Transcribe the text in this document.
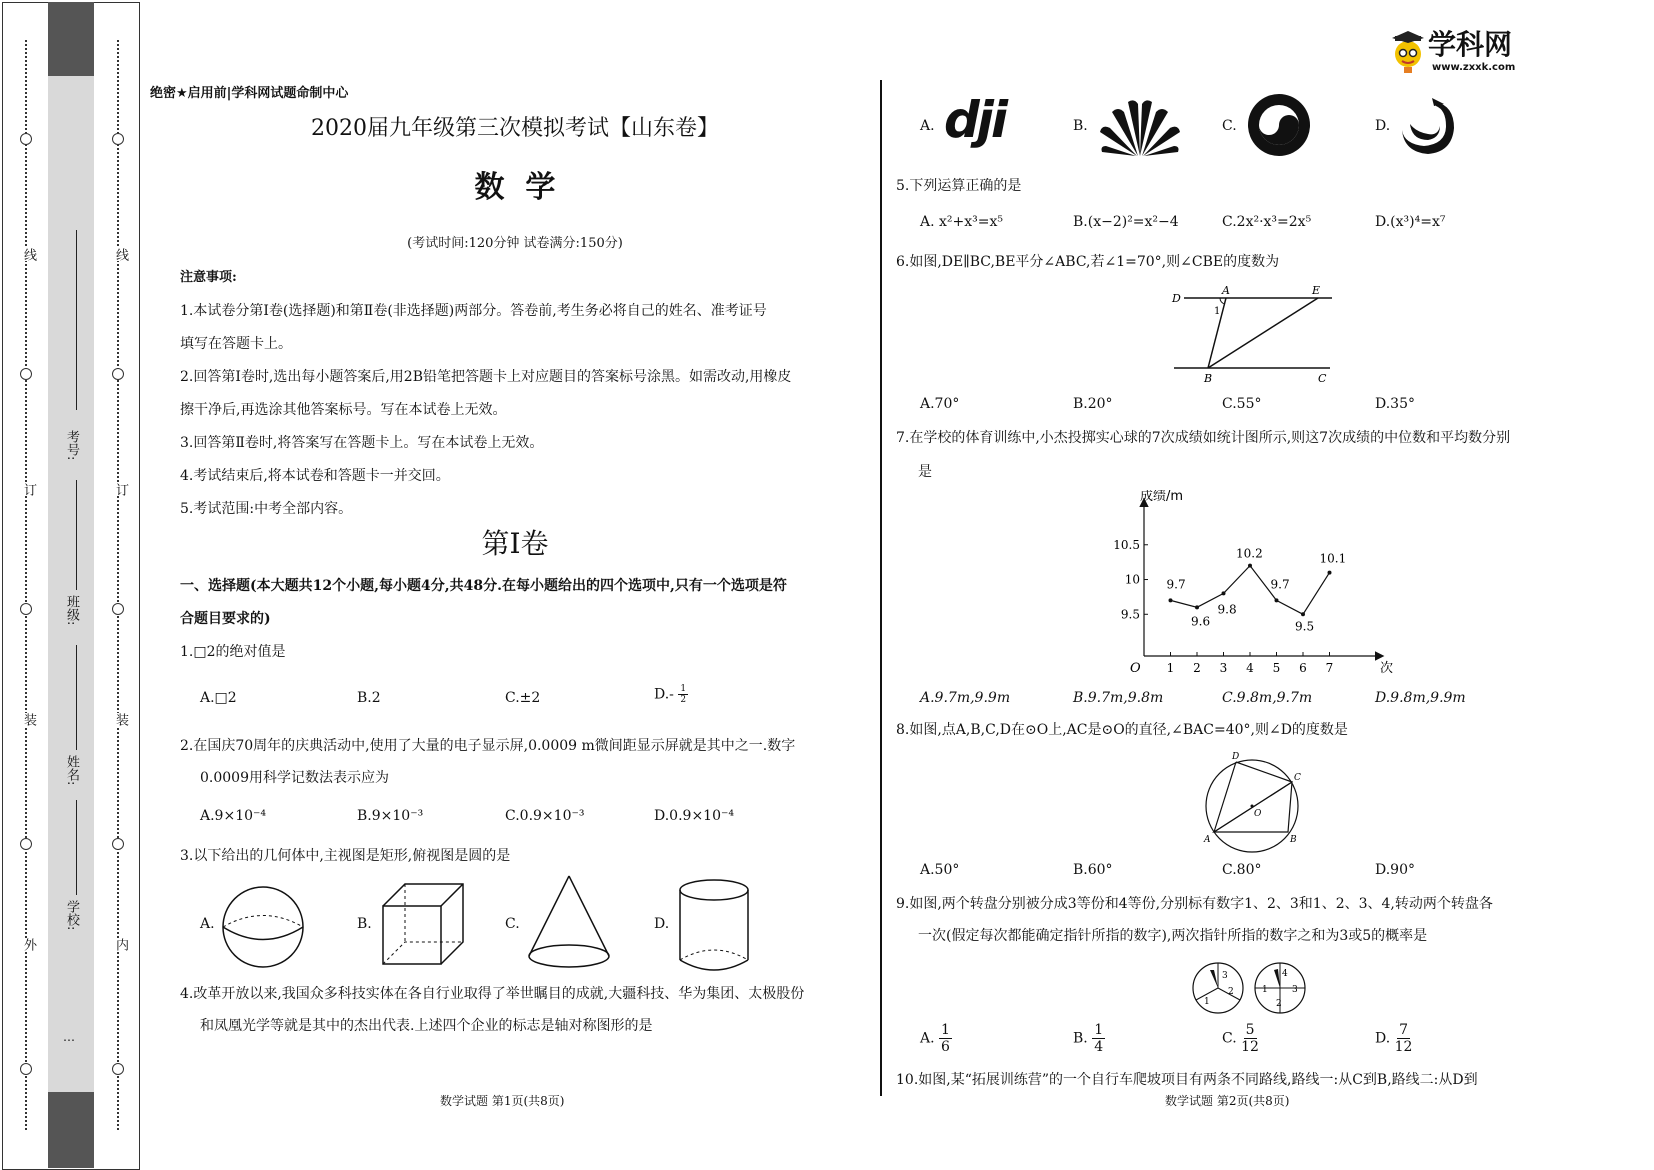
线
订
装
外
线
订
装
内
考号:
班级:
姓名:
学校:
…
学科网
www.zxxk.com
绝密★启用前|学科网试题命制中心
2020届九年级第三次模拟考试【山东卷】
数  学
(考试时间:120分钟 试卷满分:150分)
注意事项:
1.本试卷分第Ⅰ卷(选择题)和第Ⅱ卷(非选择题)两部分。答卷前,考生务必将自己的姓名、准考证号
填写在答题卡上。
2.回答第Ⅰ卷时,选出每小题答案后,用2B铅笔把答题卡上对应题目的答案标号涂黑。如需改动,用橡皮
擦干净后,再选涂其他答案标号。写在本试卷上无效。
3.回答第Ⅱ卷时,将答案写在答题卡上。写在本试卷上无效。
4.考试结束后,将本试卷和答题卡一并交回。
5.考试范围:中考全部内容。
第Ⅰ卷
一、选择题(本大题共12个小题,每小题4分,共48分.在每小题给出的四个选项中,只有一个选项是符
合题目要求的)
1.□2的绝对值是
A.□2	B.2	C.±2	$D.- \frac{1}{2}$
2.在国庆70周年的庆典活动中,使用了大量的电子显示屏,0.0009 m微间距显示屏就是其中之一.数字
0.0009用科学记数法表示应为
A.9×10⁻⁴	B.9×10⁻³	C.0.9×10⁻³	D.0.9×10⁻⁴
3.以下给出的几何体中,主视图是矩形,俯视图是圆的是
A.	B.	C.	D.
4.改革开放以来,我国众多科技实体在各自行业取得了举世瞩目的成就,大疆科技、华为集团、太极股份
和凤凰光学等就是其中的杰出代表.上述四个企业的标志是轴对称图形的是
数学试题 第1页(共8页)
A. dji	B.	C.	D.
5.下列运算正确的是
A. x²+x³=x⁵	B.(x−2)²=x²−4	C.2x²·x³=2x⁵	D.(x³)⁴=x⁷
6.如图,DE∥BC,BE平分∠ABC,若∠1=70°,则∠CBE的度数为
D
A	E
1
B	C
A.70°	B.20°	C.55°	D.35°
7.在学校的体育训练中,小杰投掷实心球的7次成绩如统计图所示,则这7次成绩的中位数和平均数分别
是
成绩/m
次
O
9.5
10
10.5
1 2 3 4 5 6 7
9.7
9.6
9.8
10.2
9.7
9.5
10.1
A.9.7m,9.9m	B.9.7m,9.8m	C.9.8m,9.7m	D.9.8m,9.9m
8.如图,点A,B,C,D在⊙O上,AC是⊙O的直径,∠BAC=40°,则∠D的度数是
D
C
O
A	B
A.50°	B.60°	C.80°	D.90°
9.如图,两个转盘分别被分成3等份和4等份,分别标有数字1、2、3和1、2、3、4,转动两个转盘各
一次(假定每次都能确定指针所指的数字),两次指针所指的数字之和为3或5的概率是
3
2
1
4
1	3
2
A. $\frac{1}{6}$	B. $\frac{1}{4}$	C. $\frac{5}{12}$	D. $\frac{7}{12}$
10.如图,某“拓展训练营”的一个自行车爬坡项目有两条不同路线,路线一:从C到B,路线二:从D到
数学试题 第2页(共8页)
